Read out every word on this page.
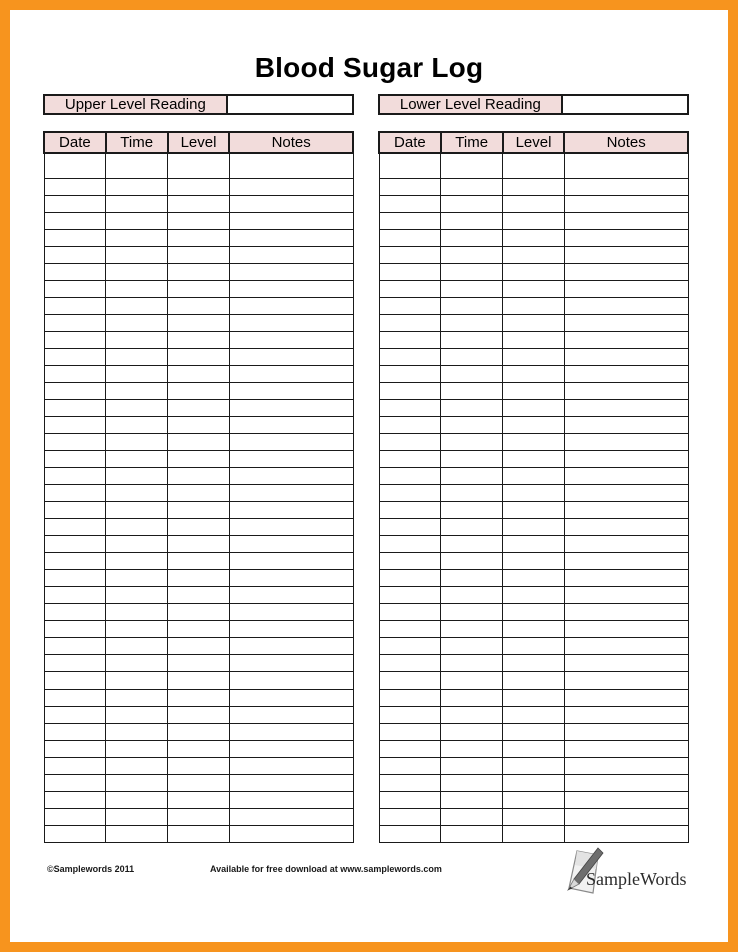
Blood Sugar Log
Upper Level Reading
Date	Time	Level	Notes

Lower Level Reading
Date	Time	Level	Notes

©Samplewords 2011	Available for free download at www.samplewords.com	SampleWords
